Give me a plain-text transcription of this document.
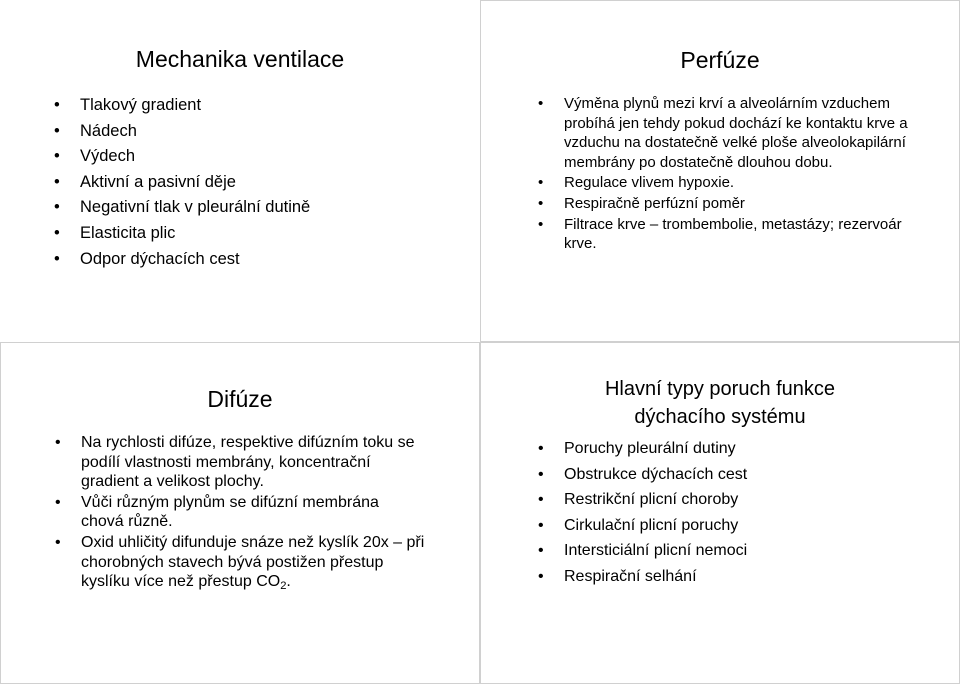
Mechanika ventilace
• Tlakový gradient
• Nádech
• Výdech
• Aktivní a pasivní děje
• Negativní tlak v pleurální dutině
• Elasticita plic
• Odpor dýchacích cest
Perfúze
• Výměna plynů mezi krví a alveolárním vzduchem probíhá jen tehdy pokud dochází ke kontaktu krve a vzduchu na dostatečně velké ploše alveolokapilární membrány po dostatečně dlouhou dobu.
• Regulace vlivem hypoxie.
• Respiračně perfúzní poměr
• Filtrace krve – trombembolie, metastázy; rezervoár krve.
Difúze
• Na rychlosti difúze, respektive difúzním toku se podílí vlastnosti membrány, koncentrační gradient a velikost plochy.
• Vůči různým plynům se difúzní membrána chová různě.
• Oxid uhličitý difunduje snáze než kyslík 20x – při chorobných stavech bývá postižen přestup kyslíku více než přestup $CO_2$.
Hlavní typy poruch funkce dýchacího systému
• Poruchy pleurální dutiny
• Obstrukce dýchacích cest
• Restrikční plicní choroby
• Cirkulační plicní poruchy
• Intersticiální plicní nemoci
• Respirační selhání
